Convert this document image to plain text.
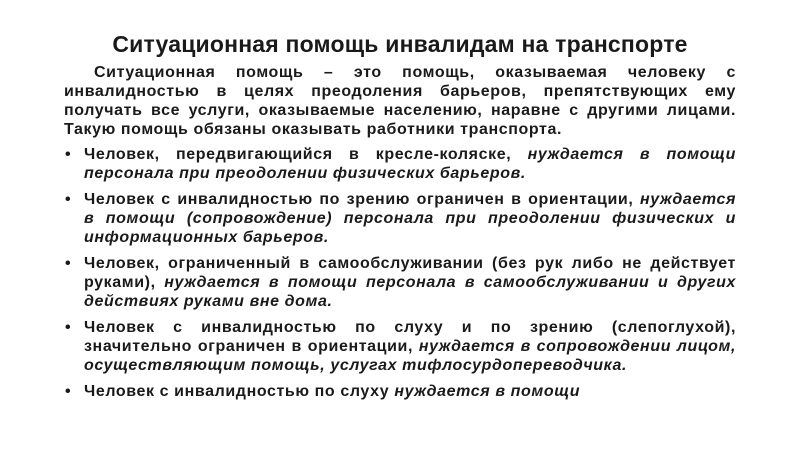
Ситуационная помощь инвалидам на транспорте

Ситуационная помощь – это помощь, оказываемая человеку с инвалидностью в целях преодоления барьеров, препятствующих ему получать все услуги, оказываемые населению, наравне с другими лицами. Такую помощь обязаны оказывать работники транспорта.

• Человек, передвигающийся в кресле-коляске, нуждается в помощи персонала при преодолении физических барьеров.
• Человек с инвалидностью по зрению ограничен в ориентации, нуждается в помощи (сопровождение) персонала при преодолении физических и информационных барьеров.
• Человек, ограниченный в самообслуживании (без рук либо не действует руками), нуждается в помощи персонала в самообслуживании и других действиях руками вне дома.
• Человек с инвалидностью по слуху и по зрению (слепоглухой), значительно ограничен в ориентации, нуждается в сопровождении лицом, осуществляющим помощь, услугах тифлосурдопереводчика.
• Человек с инвалидностью по слуху нуждается в помощи
